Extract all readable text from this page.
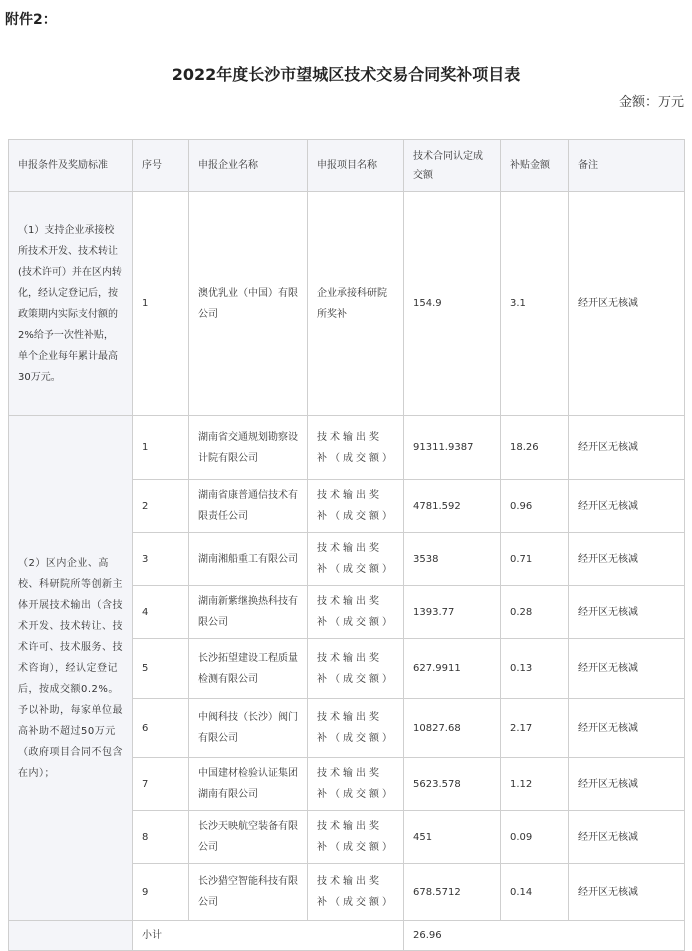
附件2：
2022年度长沙市望城区技术交易合同奖补项目表
金额：万元
申报条件及奖励标准	序号	申报企业名称	申报项目名称	技术合同认定成交额	补贴金额	备注
（1）支持企业承接校所技术开发、技术转让(技术许可）并在区内转化，经认定登记后，按政策期内实际支付额的2%给予一次性补贴，单个企业每年累计最高30万元。	1	澳优乳业（中国）有限公司	企业承接科研院所奖补	154.9	3.1	经开区无核减
（2）区内企业、高校、科研院所等创新主体开展技术输出（含技术开发、技术转让、技术许可、技术服务、技术咨询），经认定登记后，按成交额0.2%。予以补助，每家单位最高补助不超过50万元（政府项目合同不包含在内）；	1	湖南省交通规划勘察设计院有限公司	技术输出奖补（成交额）	91311.9387	18.26	经开区无核减
	2	湖南省康普通信技术有限责任公司	技术输出奖补（成交额）	4781.592	0.96	经开区无核减
	3	湖南湘船重工有限公司	技术输出奖补（成交额）	3538	0.71	经开区无核减
	4	湖南新紫继换热科技有限公司	技术输出奖补（成交额）	1393.77	0.28	经开区无核减
	5	长沙拓望建设工程质量检测有限公司	技术输出奖补（成交额）	627.9911	0.13	经开区无核减
	6	中阀科技（长沙）阀门有限公司	技术输出奖补（成交额）	10827.68	2.17	经开区无核减
	7	中国建材检验认证集团湖南有限公司	技术输出奖补（成交额）	5623.578	1.12	经开区无核减
	8	长沙天映航空装备有限公司	技术输出奖补（成交额）	451	0.09	经开区无核减
	9	长沙猎空智能科技有限公司	技术输出奖补（成交额）	678.5712	0.14	经开区无核减
	小计			26.96		
